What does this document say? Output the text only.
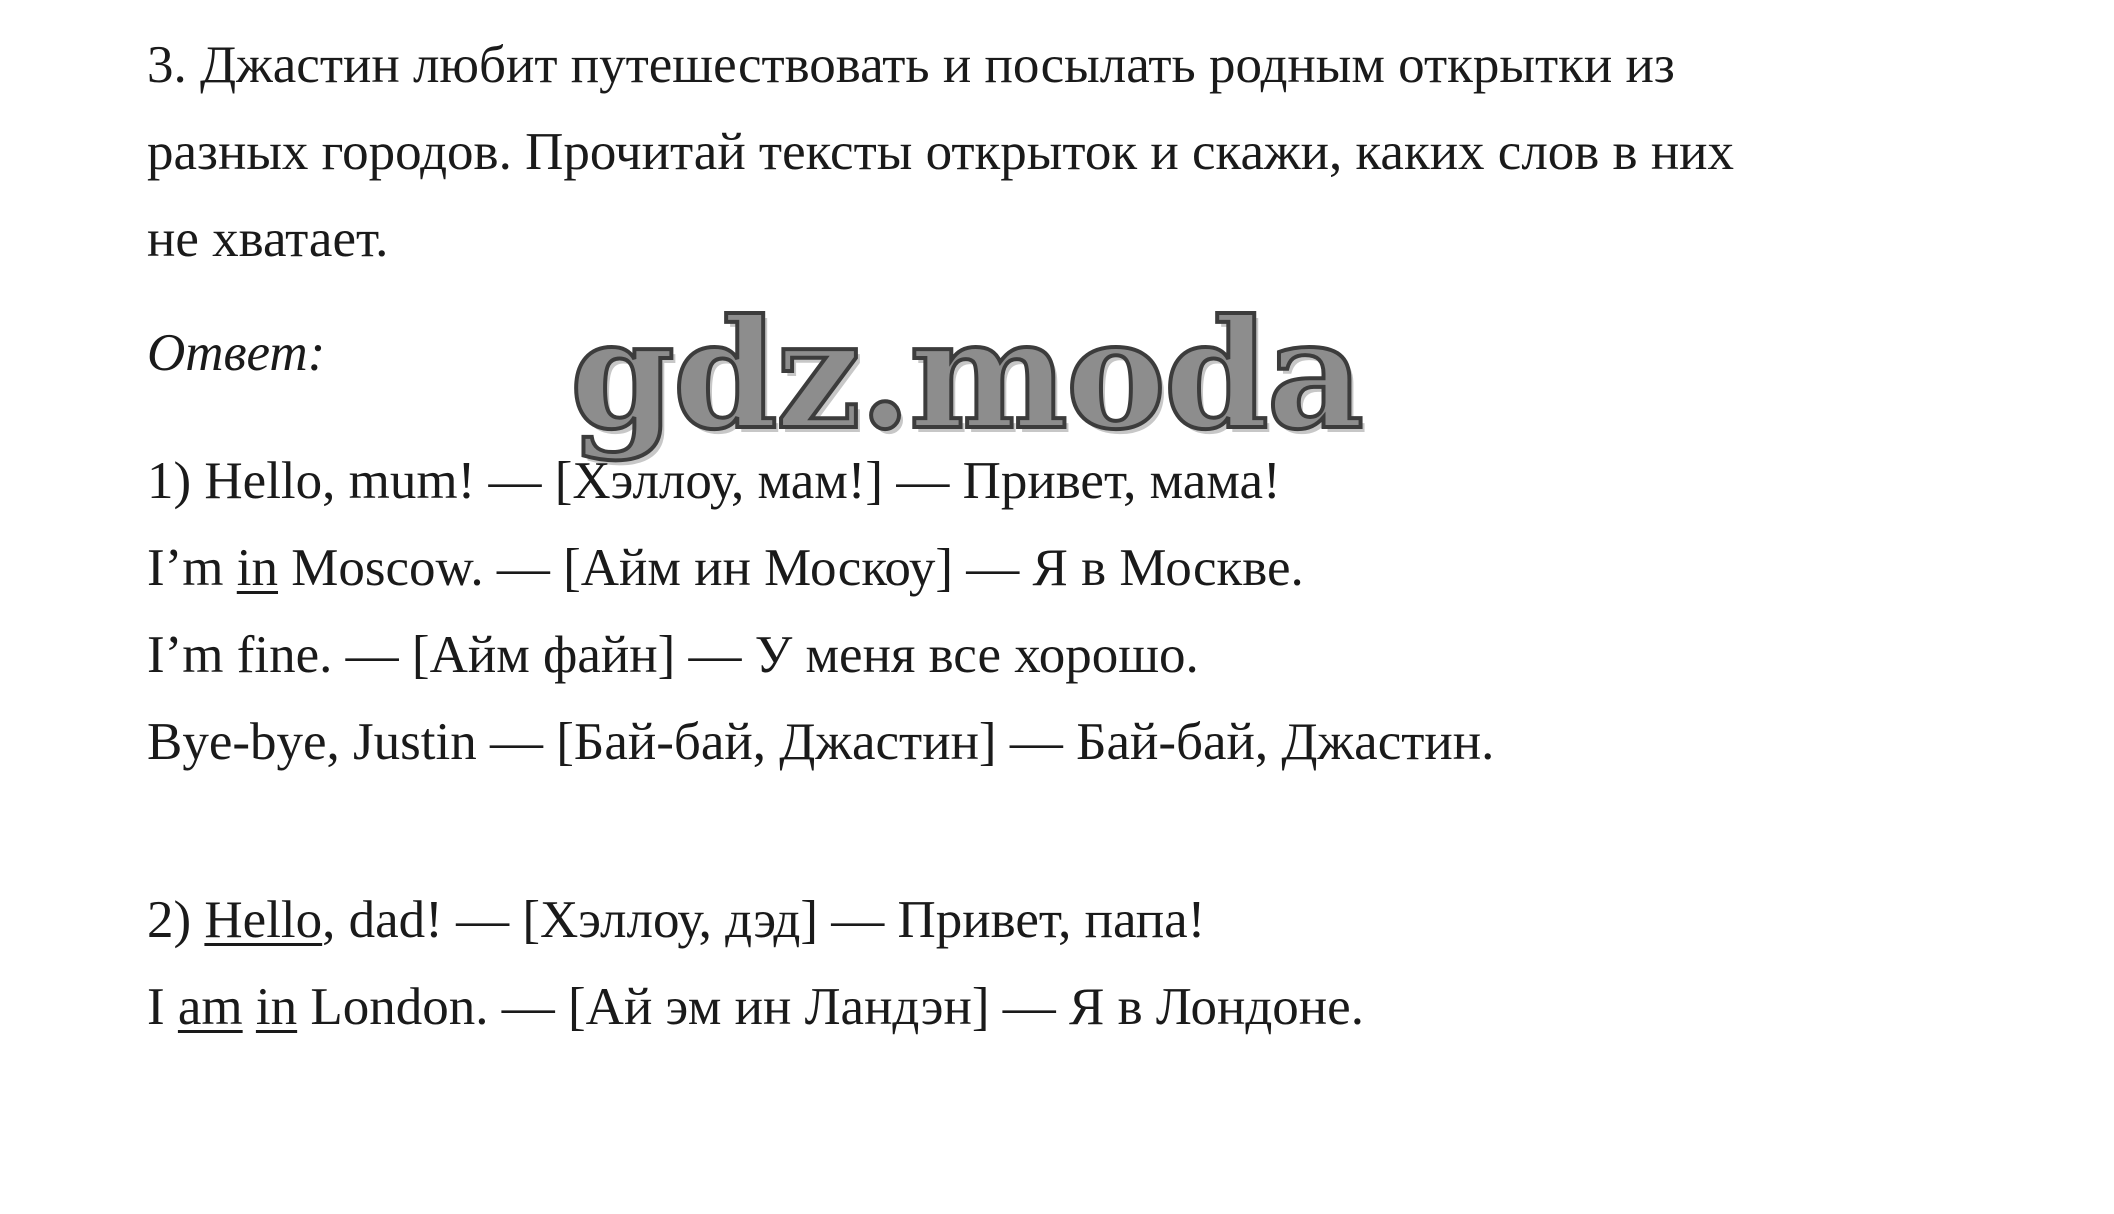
3. Джастин любит путешествовать и посылать родным открытки из

разных городов. Прочитай тексты открыток и скажи, каких слов в них

не хватает.

Ответ: gdz.moda

1) Hello, mum! — [Хэллоу, мам!] — Привет, мама!

I’m in Moscow. — [Айм ин Москоу] — Я в Москве.

I’m fine. — [Айм файн] — У меня все хорошо.

Bye-bye, Justin — [Бай-бай, Джастин] — Бай-бай, Джастин.

2) Hello, dad! — [Хэллоу, дэд] — Привет, папа!

I am in London. — [Ай эм ин Ландэн] — Я в Лондоне.
